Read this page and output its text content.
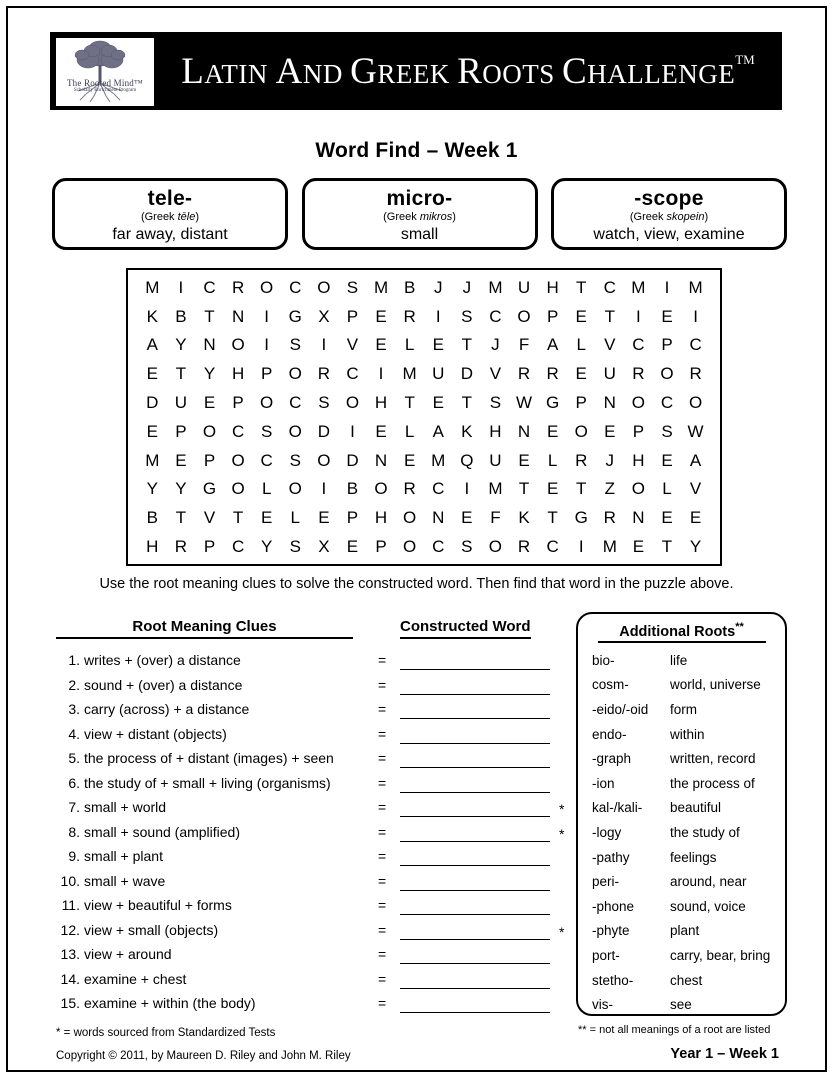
The Rooted Mind™
Scholarly Enrichment Program	LATIN AND GREEK ROOTS CHALLENGE TM
Word Find – Week 1
tele-
(Greek tēle)
far away, distant
micro-
(Greek mikros)
small
-scope
(Greek skopein)
watch, view, examine
M	I	C R O C O S M B	J	J	M U H	T	C M	I	M
K	B	T	N	I	G X	P	E R	I	S C O P	E	T	I	E	I
A	Y N O	I	S	I	V	E	L	E	T	J	F	A	L	V C P C
E	T	Y H P O R C	I	M U D V R R E U R O R
D U E	P O C S O H	T	E	T	S W G P N O C O
E	P O C S O D	I	E	L	A	K H N E O E	P	S W
M E	P O C S O D N E M Q U E	L	R	J	H E	A
Y	Y G O	L	O	I	B O R C	I	M T	E	T	Z O	L	V
B	T	V	T	E	L	E	P H O N E	F	K	T G R N E	E
H R P C Y	S	X	E	P O C S O R C	I	M E	T	Y
Use the root meaning clues to solve the constructed word. Then find that word in the puzzle above.
Root Meaning Clues	Constructed Word
1. writes + (over) a distance	=
2. sound + (over) a distance	=
3. carry (across) + a distance	=
4. view + distant (objects)	=
5. the process of + distant (images) + seen	=
6. the study of + small + living (organisms)	=
7. small + world	=	*
8. small + sound (amplified)	=	*
9. small + plant	=
10. small + wave	=
11. view + beautiful + forms	=
12. view + small (objects)	=	*
13. view + around	=
14. examine + chest	=
15. examine + within (the body)	=
Additional Roots**
bio-	life
cosm-	world, universe
-eido/-oid	form
endo-	within
-graph	written, record
-ion	the process of
kal-/kali-	beautiful
-logy	the study of
-pathy	feelings
peri-	around, near
-phone	sound, voice
-phyte	plant
port-	carry, bear, bring
stetho-	chest
vis-	see
* = words sourced from Standardized Tests	** = not all meanings of a root are listed
Copyright © 2011, by Maureen D. Riley and John M. Riley	Year 1 – Week 1
